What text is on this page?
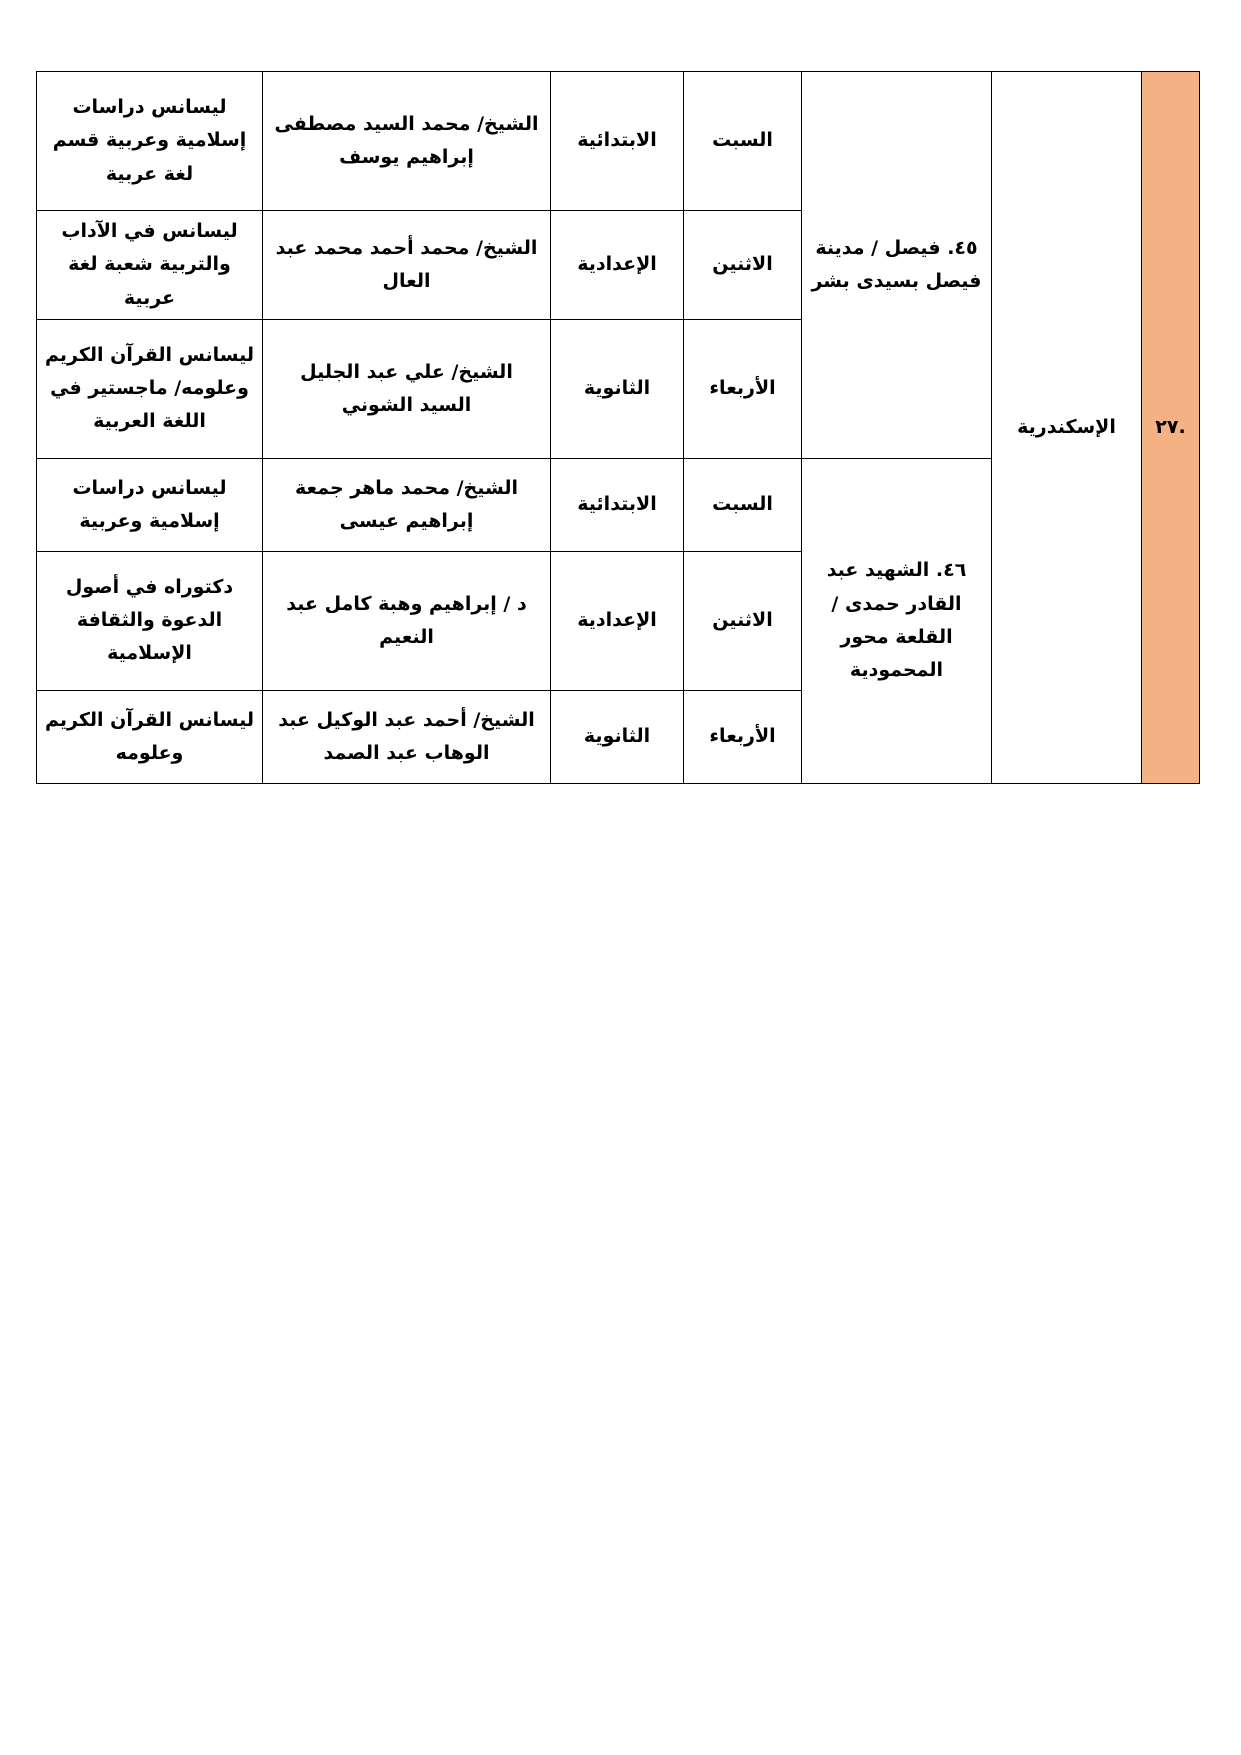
.٢٧	الإسكندرية	٤٥. فيصل / مدينة فيصل بسيدى بشر	السبت	الابتدائية	الشيخ/ محمد السيد مصطفى إبراهيم يوسف	ليسانس دراسات إسلامية وعربية قسم لغة عربية
			الاثنين	الإعدادية	الشيخ/ محمد أحمد محمد عبد العال	ليسانس في الآداب والتربية شعبة لغة عربية
			الأربعاء	الثانوية	الشيخ/ علي عبد الجليل السيد الشوني	ليسانس القرآن الكريم وعلومه/ ماجستير في اللغة العربية
		٤٦. الشهيد عبد القادر حمدى / القلعة محور المحمودية	السبت	الابتدائية	الشيخ/ محمد ماهر جمعة إبراهيم عيسى	ليسانس دراسات إسلامية وعربية
			الاثنين	الإعدادية	د / إبراهيم وهبة كامل عبد النعيم	دكتوراه في أصول الدعوة والثقافة الإسلامية
			الأربعاء	الثانوية	الشيخ/ أحمد عبد الوكيل عبد الوهاب عبد الصمد	ليسانس القرآن الكريم وعلومه
